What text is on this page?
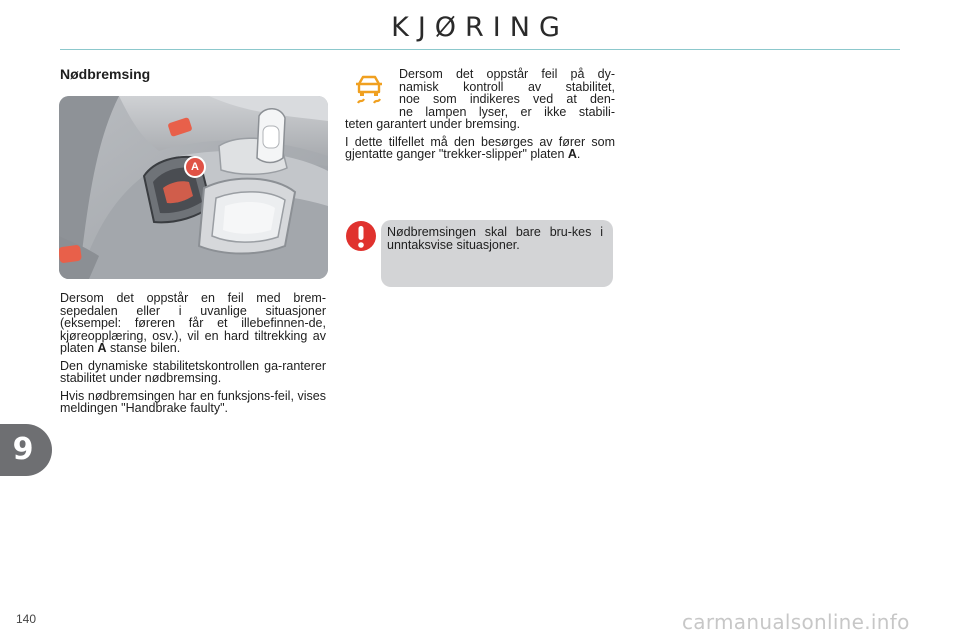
KJØRING
Nødbremsing
A

Dersom det oppstår en feil med brem-sepedalen eller i uvanlige situasjoner (eksempel: føreren får et illebefinnen-de, kjøreopplæring, osv.), vil en hard tiltrekking av platen A stanse bilen.

Den dynamiske stabilitetskontrollen ga-ranterer stabilitet under nødbremsing.

Hvis nødbremsingen har en funksjons-feil, vises meldingen "Handbrake faulty".

Dersom det oppstår feil på dy-
namisk kontroll av stabilitet,
noe som indikeres ved at den-
ne lampen lyser, er ikke stabili-
teten garantert under bremsing.

I dette tilfellet må den besørges av fører som gjentatte ganger "trekker-slipper" platen A.

Nødbremsingen skal bare bru-kes i unntaksvise situasjoner.
9
140	carmanualsonline.info
